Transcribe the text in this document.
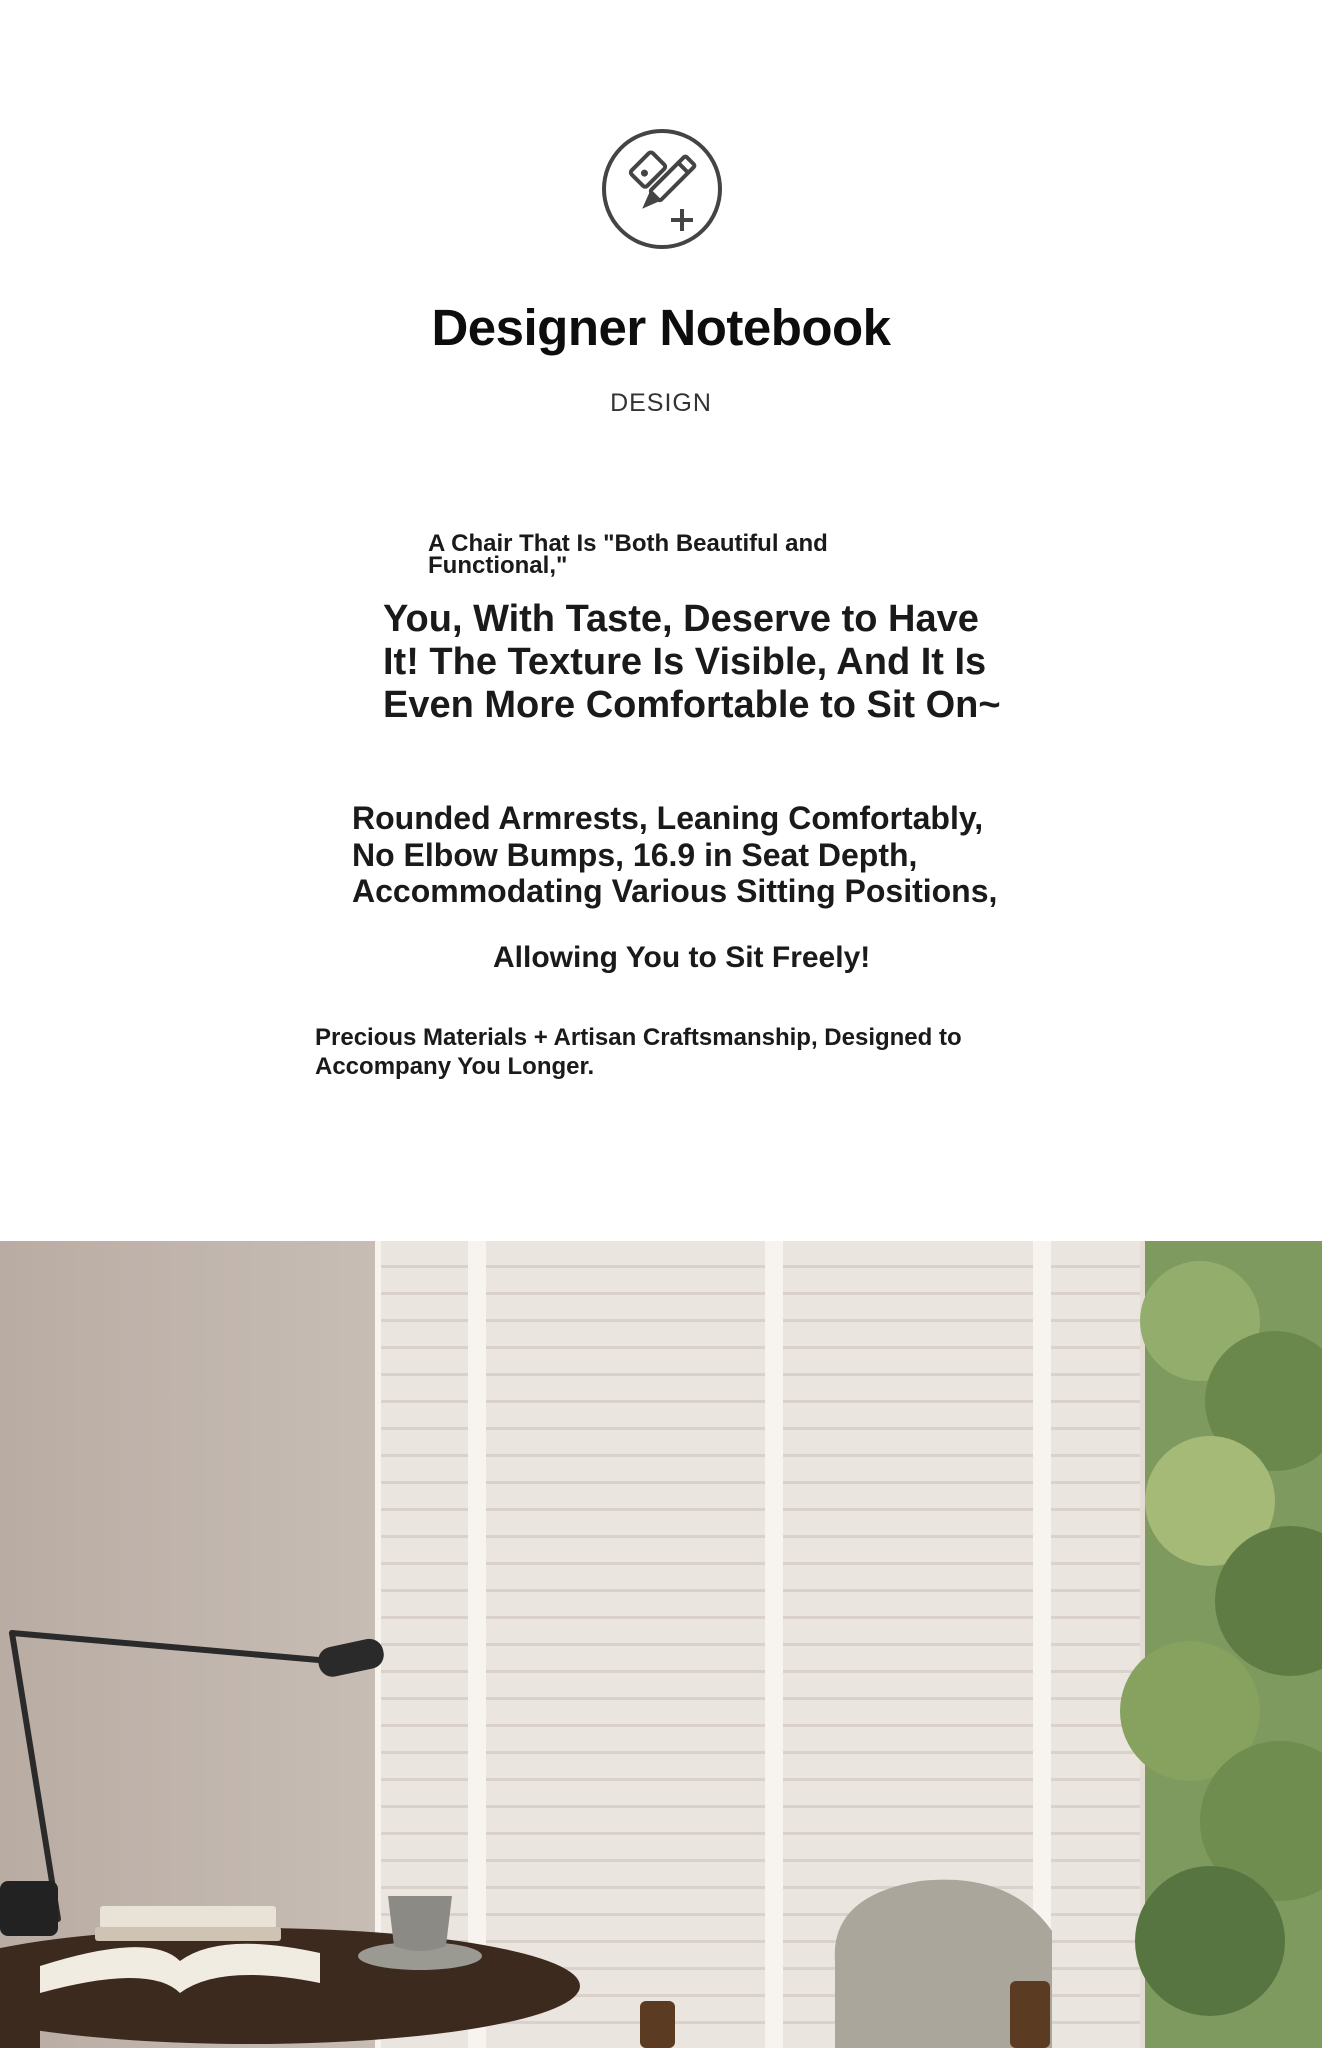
Designer Notebook
DESIGN

A Chair That Is "Both Beautiful and Functional,"

You, With Taste, Deserve to Have It! The Texture Is Visible, And It Is Even More Comfortable to Sit On~

Rounded Armrests, Leaning Comfortably, No Elbow Bumps, 16.9 in Seat Depth, Accommodating Various Sitting Positions,

Allowing You to Sit Freely!

Precious Materials + Artisan Craftsmanship, Designed to Accompany You Longer.
